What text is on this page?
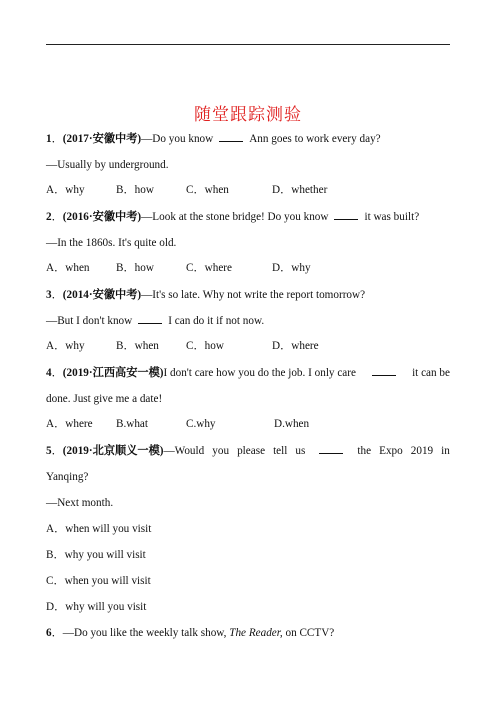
随堂跟踪测验
1．(2017·安徽中考)—Do you know	Ann goes to work every day?
—Usually by underground.
A．why	B．how	C．when	D．whether
2．(2016·安徽中考)—Look at the stone bridge! Do you know	it was built?
—In the 1860s. It's quite old.
A．when B．how	C．where	D．why
3．(2014·安徽中考)—It's so late. Why not write the report tomorrow?
—But I don't know	I can do it if not now.
A．why	B．when C．how	D．where
4．(2019·江西高安一模)I don't care how you do the job. I only care	it can be
done. Just give me a date!
A．where B.what	C.why	D.when
5．(2019·北京顺义一模)—Would you please tell us	the Expo 2019 in
Yanqing?
—Next month.
A．when will you visit
B．why you will visit
C．when you will visit
D．why will you visit
6．—Do you like the weekly talk show, The Reader, on CCTV?
